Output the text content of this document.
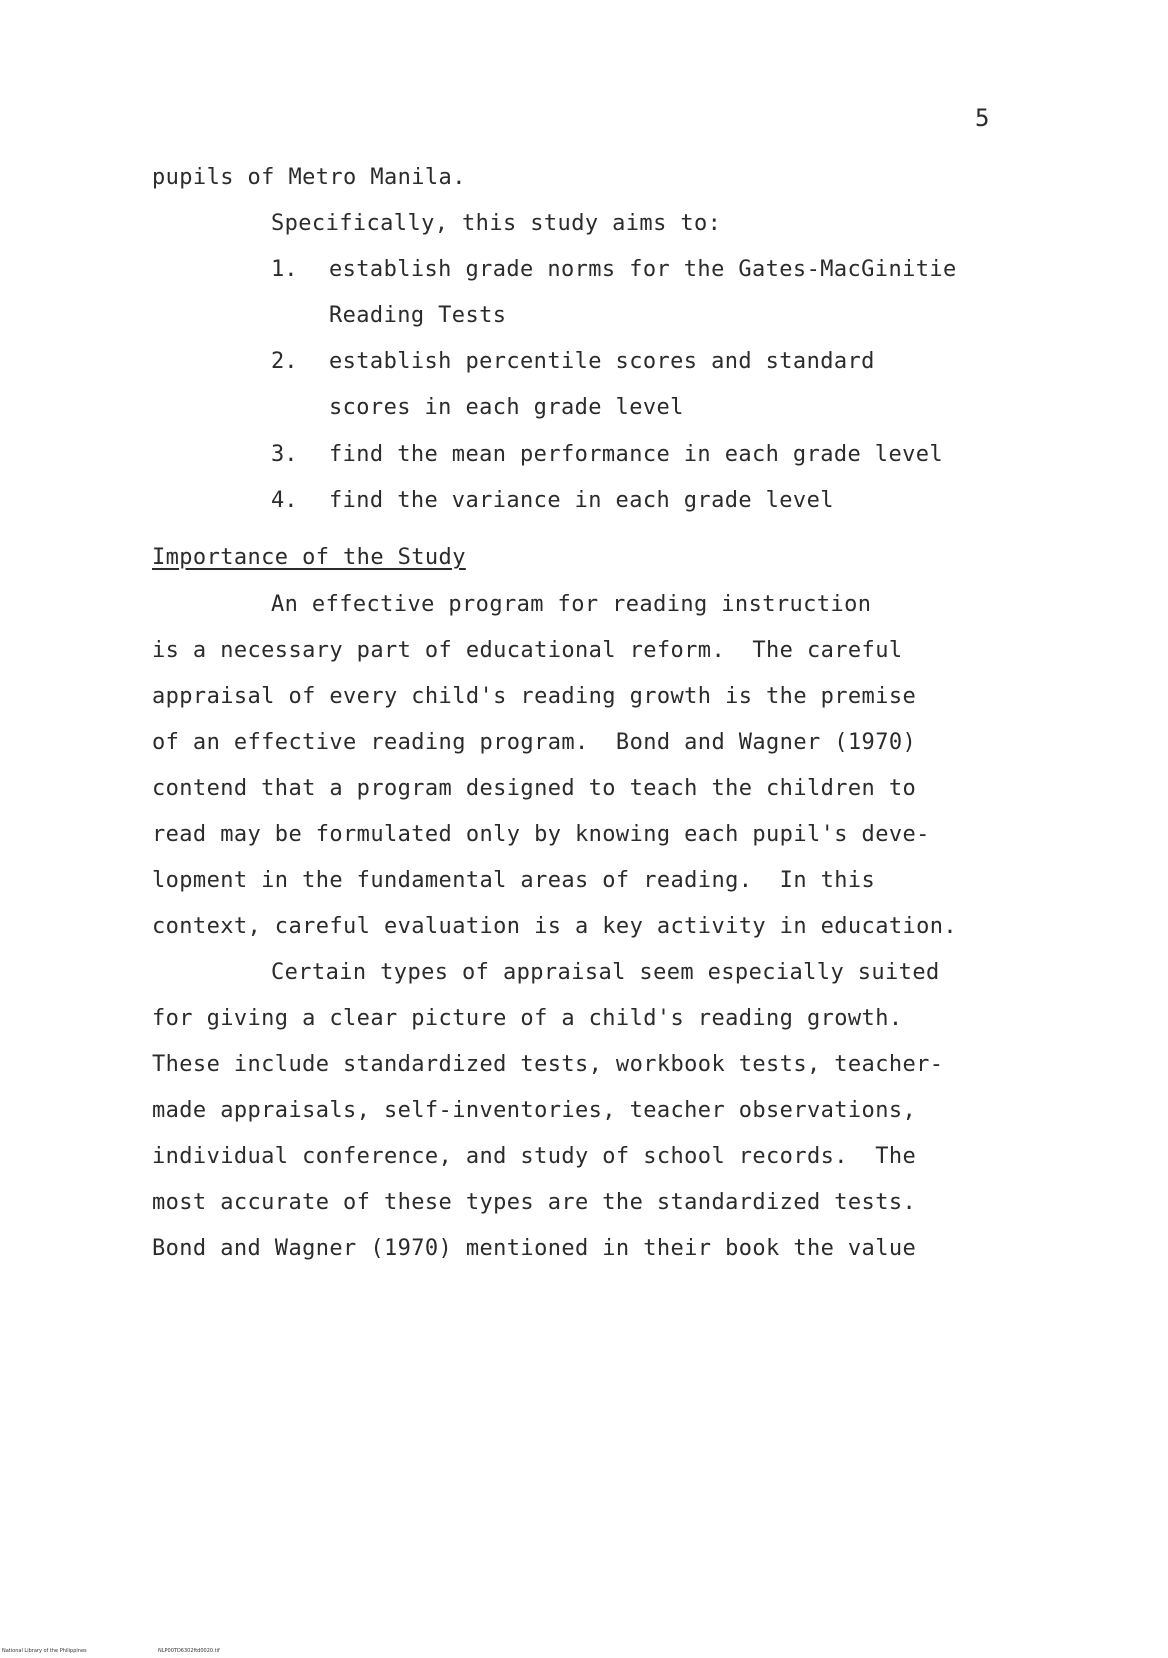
5
pupils of Metro Manila.
Specifically, this study aims to:
1. establish grade norms for the Gates-MacGinitie
Reading Tests
2. establish percentile scores and standard
scores in each grade level
3. find the mean performance in each grade level
4. find the variance in each grade level
Importance of the Study
An effective program for reading instruction
is a necessary part of educational reform.  The careful
appraisal of every child's reading growth is the premise
of an effective reading program.  Bond and Wagner (1970)
contend that a program designed to teach the children to
read may be formulated only by knowing each pupil's deve-
lopment in the fundamental areas of reading.  In this
context, careful evaluation is a key activity in education.
Certain types of appraisal seem especially suited
for giving a clear picture of a child's reading growth.
These include standardized tests, workbook tests, teacher-
made appraisals, self-inventories, teacher observations,
individual conference, and study of school records.  The
most accurate of these types are the standardized tests.
Bond and Wagner (1970) mentioned in their book the value
National Library of the Philippines	NLP00TD6302ftd0020.tif
